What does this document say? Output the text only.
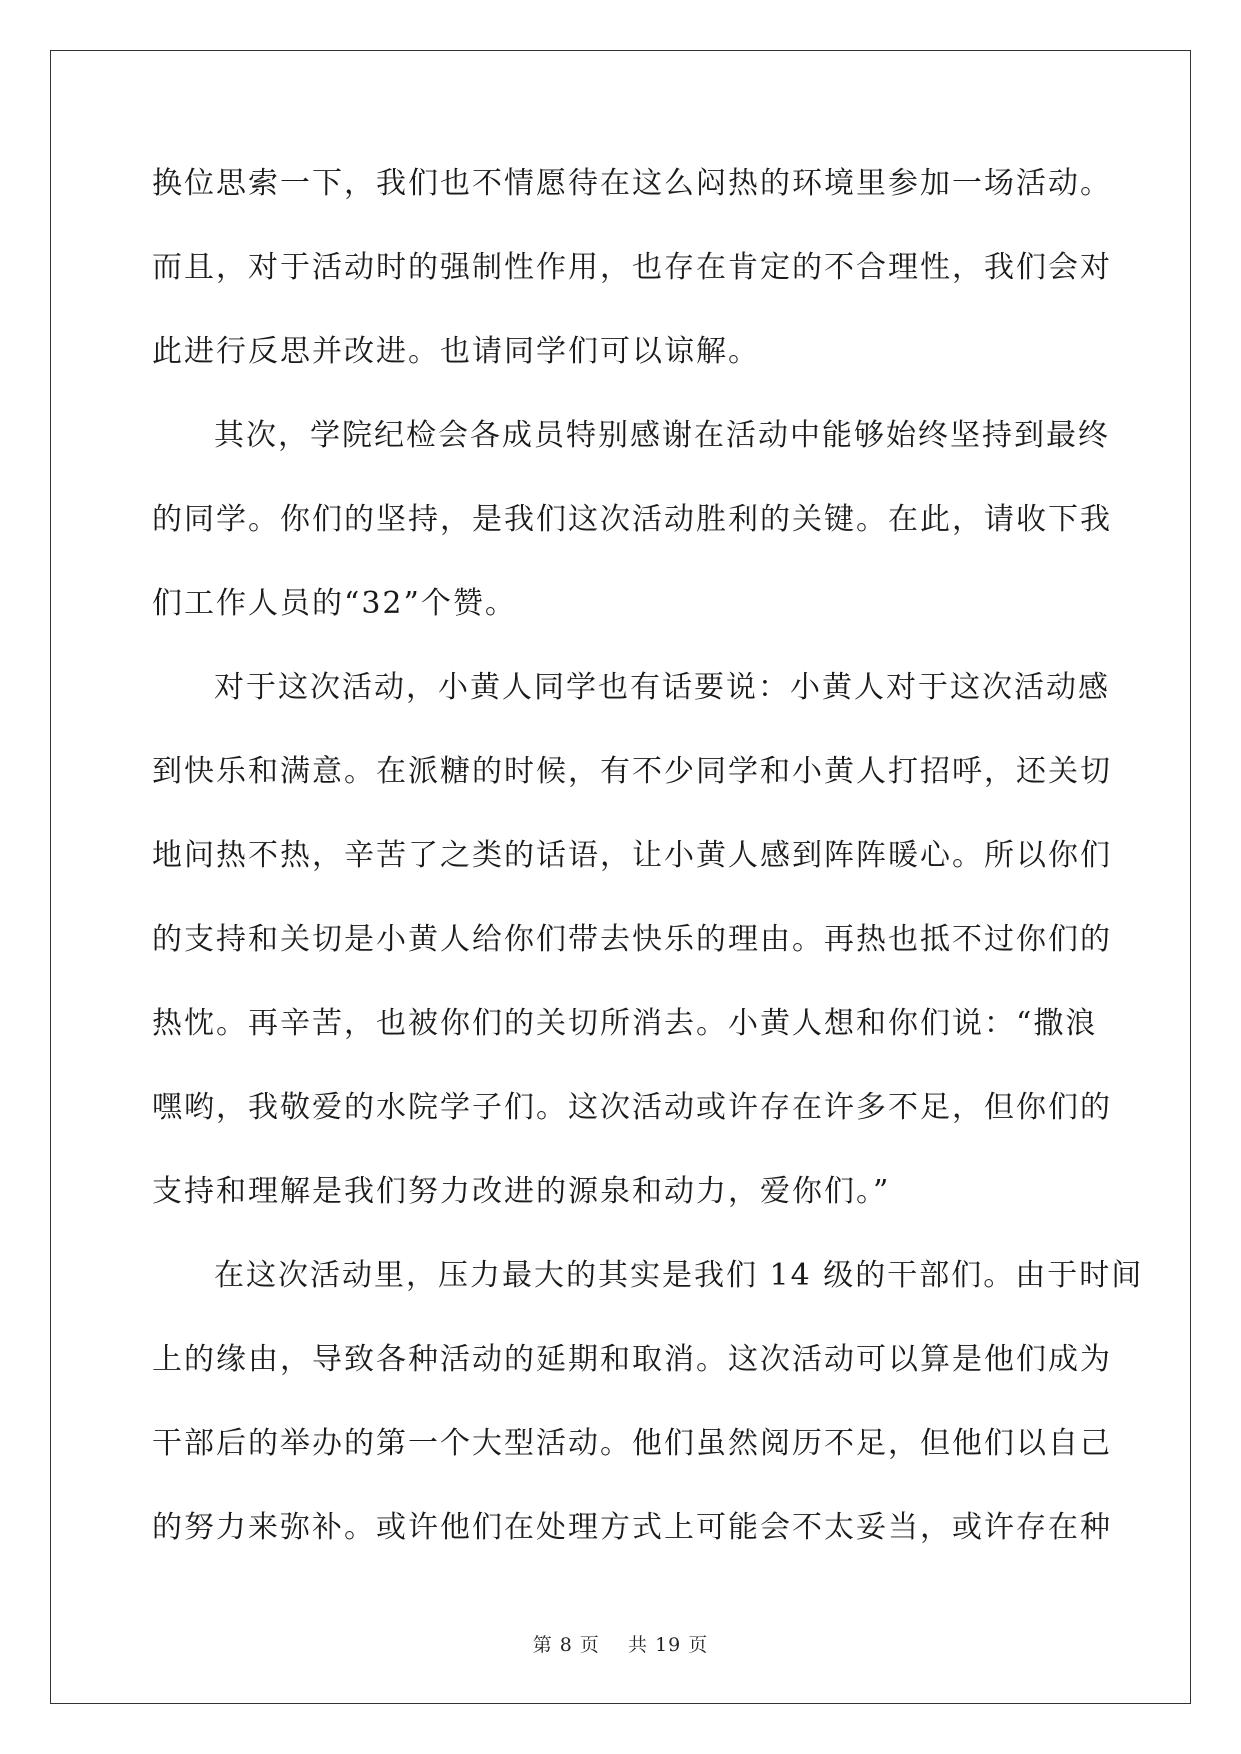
换位思索一下，我们也不情愿待在这么闷热的环境里参加一场活动。
而且，对于活动时的强制性作用，也存在肯定的不合理性，我们会对
此进行反思并改进。也请同学们可以谅解。

其次，学院纪检会各成员特别感谢在活动中能够始终坚持到最终
的同学。你们的坚持，是我们这次活动胜利的关键。在此，请收下我
们工作人员的“32”个赞。

对于这次活动，小黄人同学也有话要说：小黄人对于这次活动感
到快乐和满意。在派糖的时候，有不少同学和小黄人打招呼，还关切
地问热不热，辛苦了之类的话语，让小黄人感到阵阵暖心。所以你们
的支持和关切是小黄人给你们带去快乐的理由。再热也抵不过你们的
热忱。再辛苦，也被你们的关切所消去。小黄人想和你们说：“撒浪
嘿哟，我敬爱的水院学子们。这次活动或许存在许多不足，但你们的
支持和理解是我们努力改进的源泉和动力，爱你们。”

在这次活动里，压力最大的其实是我们 14 级的干部们。由于时间
上的缘由，导致各种活动的延期和取消。这次活动可以算是他们成为
干部后的举办的第一个大型活动。他们虽然阅历不足，但他们以自己
的努力来弥补。或许他们在处理方式上可能会不太妥当，或许存在种

第 8 页 共 19 页
